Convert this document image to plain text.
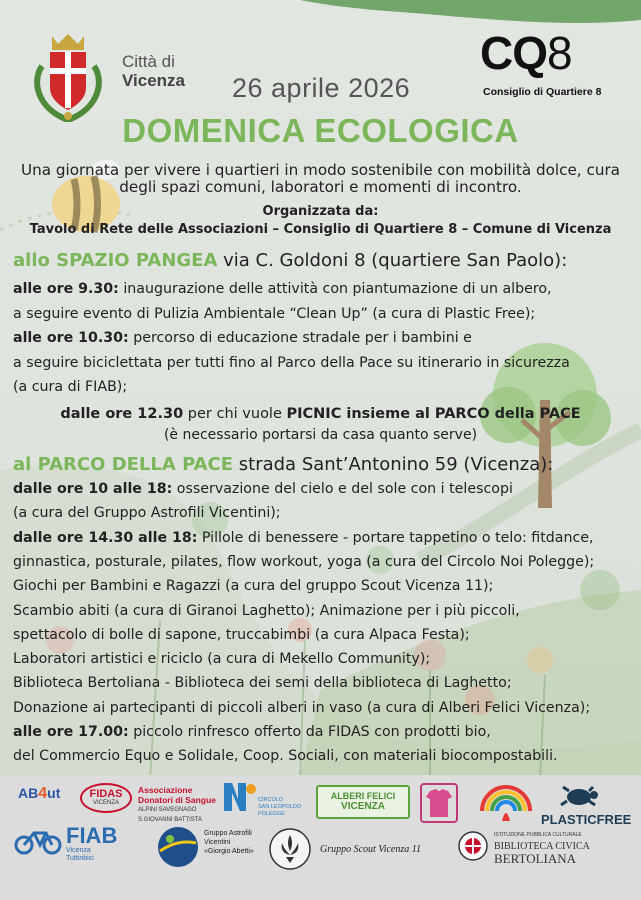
Città di
Vicenza 26 aprile 2026
CQ8
Consiglio di Quartiere 8
DOMENICA ECOLOGICA
Una giornata per vivere i quartieri in modo sostenibile con mobilità dolce, cura
degli spazi comuni, laboratori e momenti di incontro.
Organizzata da:
Tavolo di Rete delle Associazioni – Consiglio di Quartiere 8 – Comune di Vicenza
allo SPAZIO PANGEA via C. Goldoni 8 (quartiere San Paolo):
alle ore 9.30: inaugurazione delle attività con piantumazione di un albero,
a seguire evento di Pulizia Ambientale “Clean Up” (a cura di Plastic Free);
alle ore 10.30: percorso di educazione stradale per i bambini e
a seguire biciclettata per tutti fino al Parco della Pace su itinerario in sicurezza
(a cura di FIAB);
dalle ore 12.30 per chi vuole PICNIC insieme al PARCO della PACE
(è necessario portarsi da casa quanto serve)
al PARCO DELLA PACE strada Sant’Antonino 59 (Vicenza):
dalle ore 10 alle 18: osservazione del cielo e del sole con i telescopi
(a cura del Gruppo Astrofili Vicentini);
dalle ore 14.30 alle 18: Pillole di benessere - portare tappetino o telo: fitdance,
ginnastica, posturale, pilates, flow workout, yoga (a cura del Circolo Noi Polegge);
Giochi per Bambini e Ragazzi (a cura del gruppo Scout Vicenza 11);
Scambio abiti (a cura di Giranoi Laghetto); Animazione per i più piccoli,
spettacolo di bolle di sapone, truccabimbi (a cura Alpaca Festa);
Laboratori artistici e riciclo (a cura di Mekello Community);
Biblioteca Bertoliana - Biblioteca dei semi della biblioteca di Laghetto;
Donazione ai partecipanti di piccoli alberi in vaso (a cura di Alberi Felici Vicenza);
alle ore 17.00: piccolo rinfresco offerto da FIDAS con prodotti bio,
del Commercio Equo e Solidale, Coop. Sociali, con materiali biocompostabili.
AB4ut	FIDAS
VICENZA
Associazione
Donatori di Sangue
ALPINI SAVEGNAGO
S.GIOVANNI BATTISTA
CIRCOLO
SAN LEOPOLDO
POLEGGE
ALBERI FELICI
VICENZA
PLASTICFREE
FIAB
Vicenza
Tuttinbici
Gruppo Astrofili
Vicentini
«Giorgio Abetti»	Gruppo Scout Vicenza 11
ISTITUZIONE PUBBLICA CULTURALE
BIBLIOTECA CIVICA
BERTOLIANA
